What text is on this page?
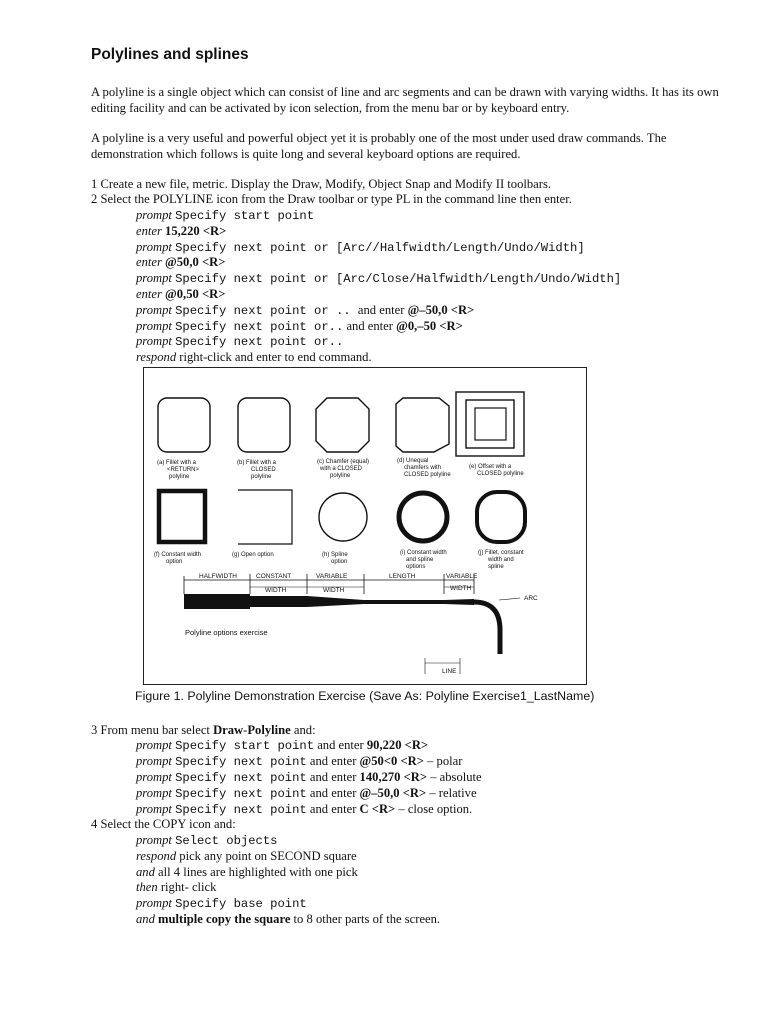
Polylines and splines
A polyline is a single object which can consist of line and arc segments and can be drawn with varying widths. It has its own editing facility and can be activated by icon selection, from the menu bar or by keyboard entry.
A polyline is a very useful and powerful object yet it is probably one of the most under used draw commands. The demonstration which follows is quite long and several keyboard options are required.
1 Create a new file, metric. Display the Draw, Modify, Object Snap and Modify II toolbars.
2 Select the POLYLINE icon from the Draw toolbar or type PL in the command line then enter.
prompt Specify start point
enter 15,220 <R>
prompt Specify next point or [Arc//Halfwidth/Length/Undo/Width]
enter @50,0 <R>
prompt Specify next point or [Arc/Close/Halfwidth/Length/Undo/Width]
enter @0,50 <R>
prompt Specify next point or .. and enter @–50,0 <R>
prompt Specify next point or.. and enter @0,–50 <R>
prompt Specify next point or..
respond right-click and enter to end command.
(a) Fillet with a
<RETURN>
polyline
(b) Fillet with a
CLOSED
polyline
(c) Chamfer (equal)
with a CLOSED
polyline
(d) Unequal
chamfers with
CLOSED polyline
(e) Offset with a
CLOSED polyline
(f) Constant width
option
(g) Open option	(h) Spline
option
(i) Constant width
and spline
options
(j) Fillet, constant
width and
spline
HALFWIDTH	CONSTANT
WIDTH
VARIABLE
WIDTH
LENGTH	VARIABLE
WIDTH
ARC
LINE
Polyline options exercise
Figure 1. Polyline Demonstration Exercise (Save As: Polyline Exercise1_LastName)
3 From menu bar select Draw-Polyline and:
prompt Specify start point and enter 90,220 <R>
prompt Specify next point and enter @50<0 <R> – polar
prompt Specify next point and enter 140,270 <R> – absolute
prompt Specify next point and enter @–50,0 <R> – relative
prompt Specify next point and enter C <R> – close option.
4 Select the COPY icon and:
prompt Select objects
respond pick any point on SECOND square
and all 4 lines are highlighted with one pick
then right- click
prompt Specify base point
and multiple copy the square to 8 other parts of the screen.
